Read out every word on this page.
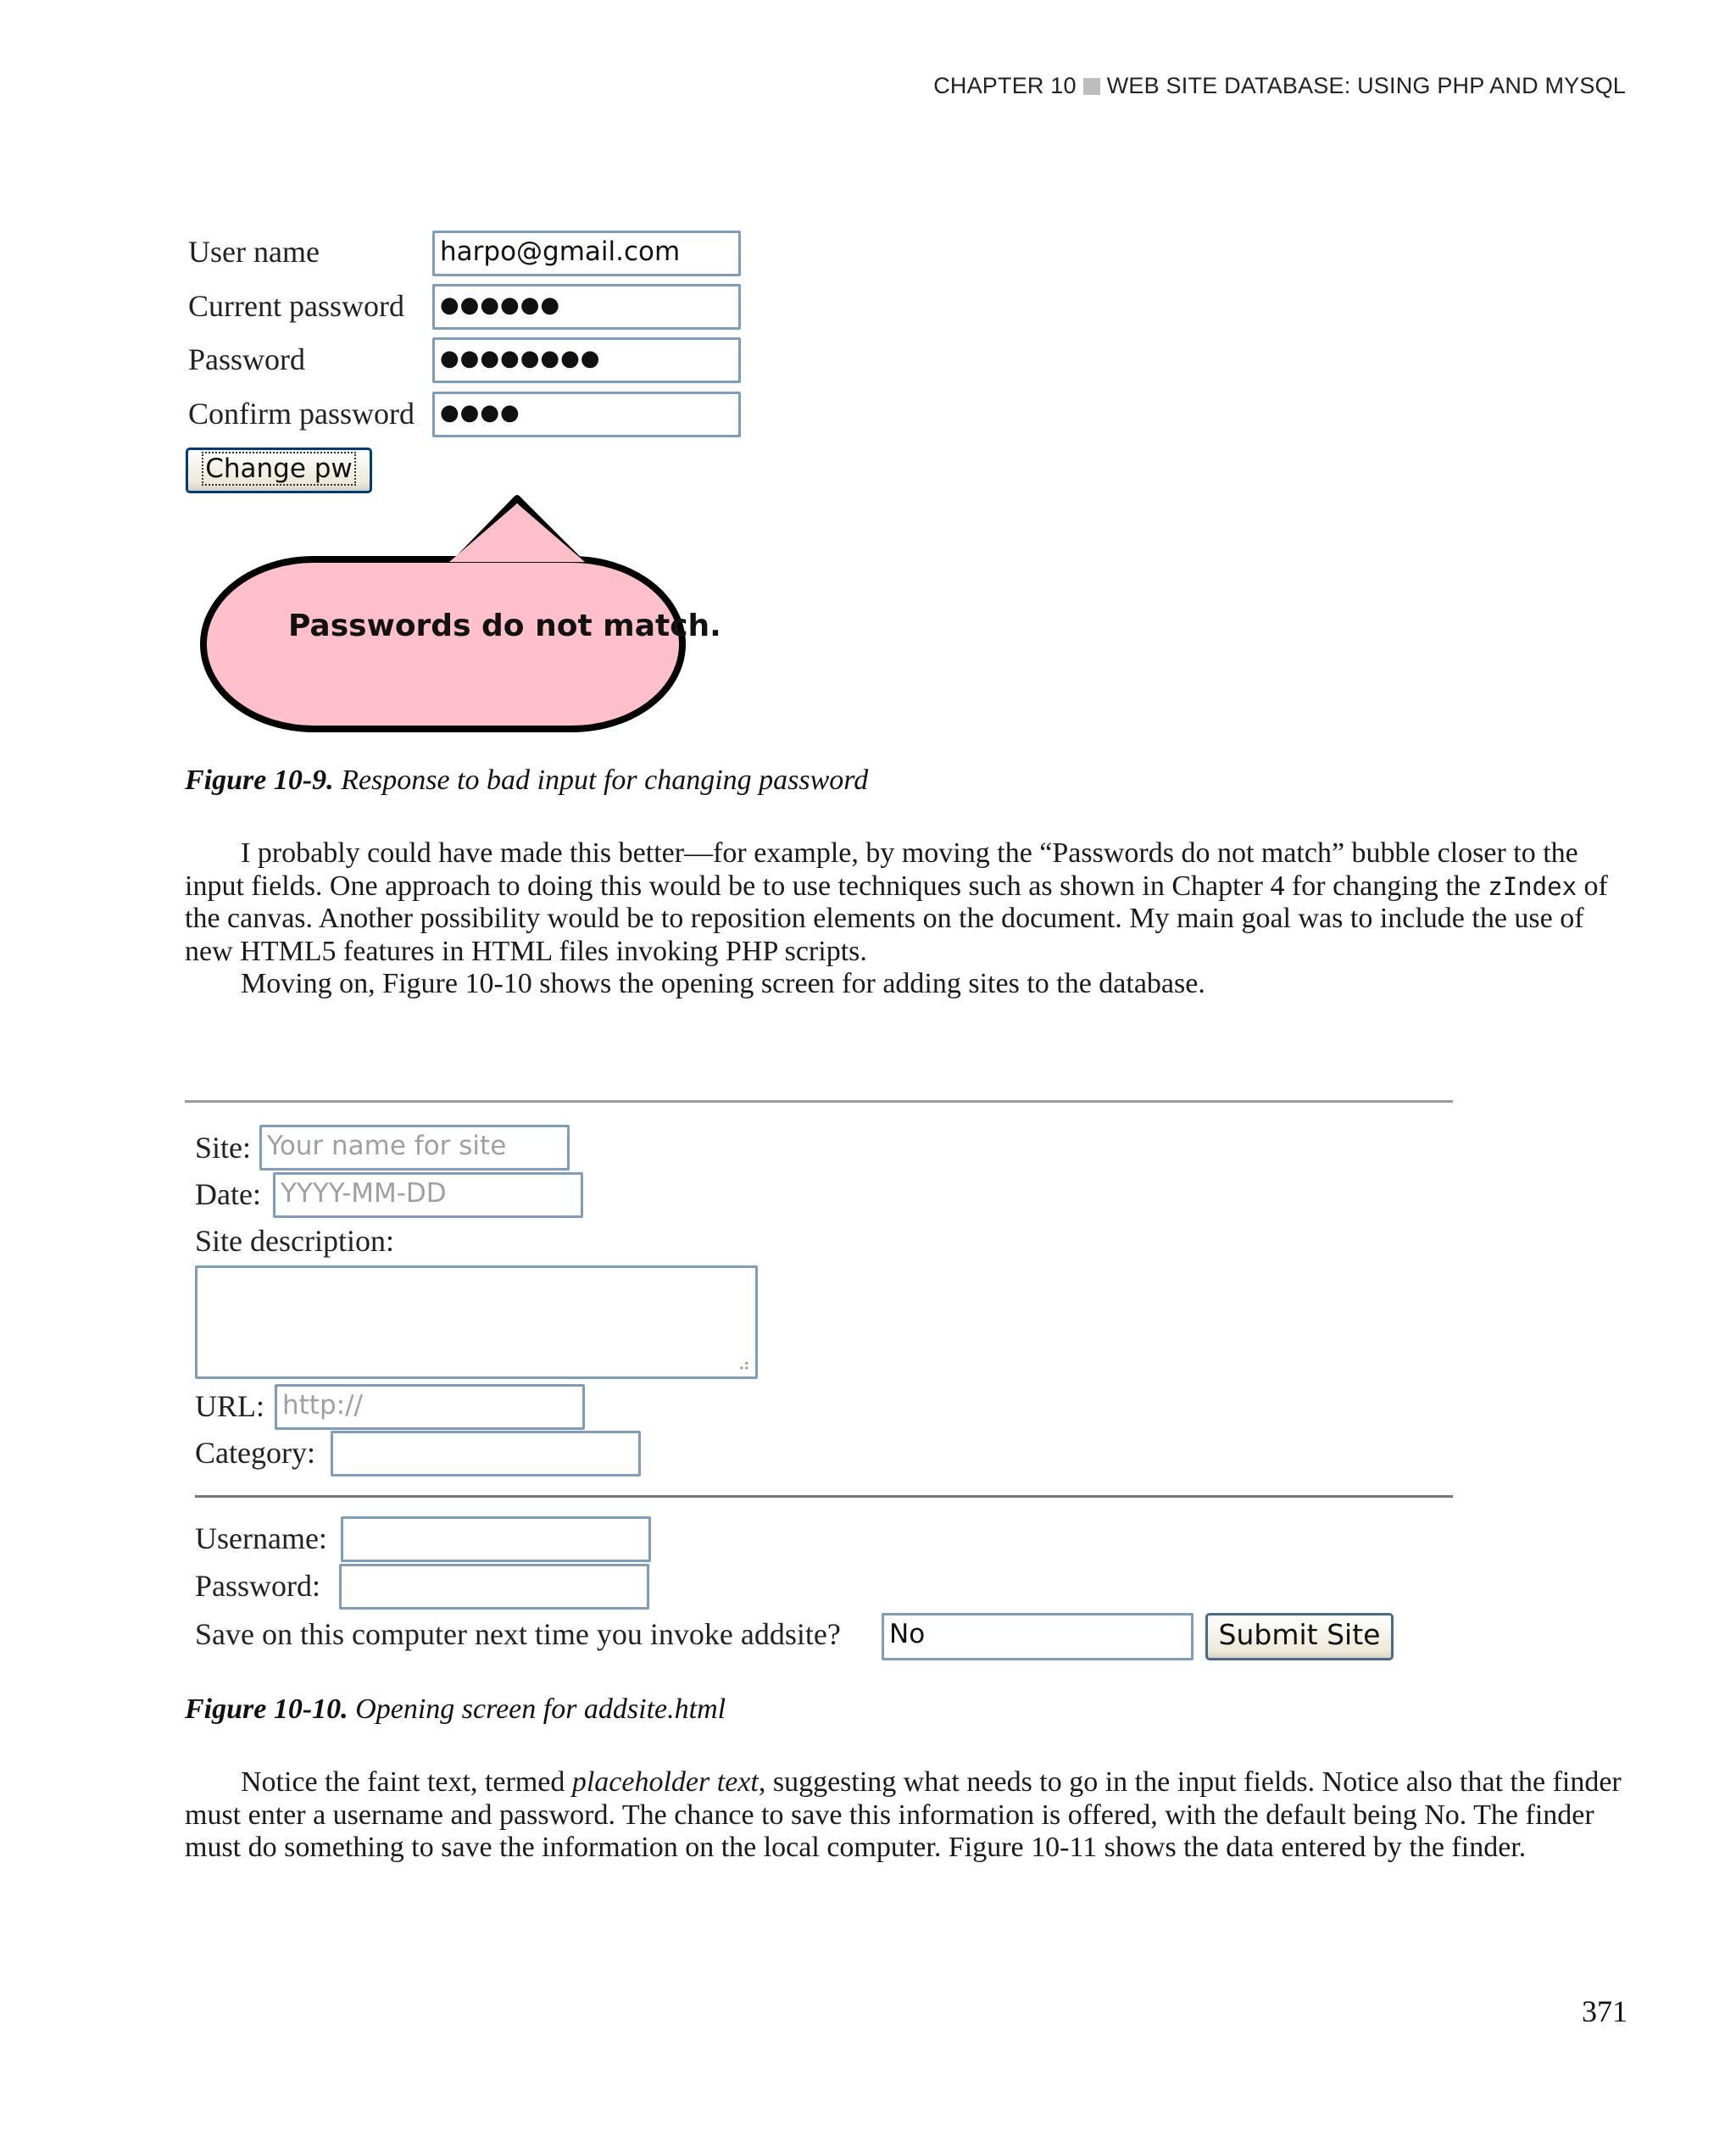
CHAPTER 10 WEB SITE DATABASE: USING PHP AND MYSQL
User name	harpo@gmail.com
Current password	●●●●●●
Password	●●●●●●●●
Confirm password	●●●●
Change pw
Passwords do not match.
Figure 10-9. Response to bad input for changing password

I probably could have made this better—for example, by moving the “Passwords do not match” bubble closer to the input fields. One approach to doing this would be to use techniques such as shown in Chapter 4 for changing the zIndex of the canvas. Another possibility would be to reposition elements on the document. My main goal was to include the use of new HTML5 features in HTML files invoking PHP scripts.

Moving on, Figure 10-10 shows the opening screen for adding sites to the database.

Site: Your name for site
Date: YYYY-MM-DD
Site description:
⠴
URL: http://
Category:
Username:
Password:
Save on this computer next time you invoke addsite? No	Submit Site
Figure 10-10. Opening screen for addsite.html

Notice the faint text, termed placeholder text, suggesting what needs to go in the input fields. Notice also that the finder must enter a username and password. The chance to save this information is offered, with the default being No. The finder must do something to save the information on the local computer. Figure 10-11 shows the data entered by the finder.

371
